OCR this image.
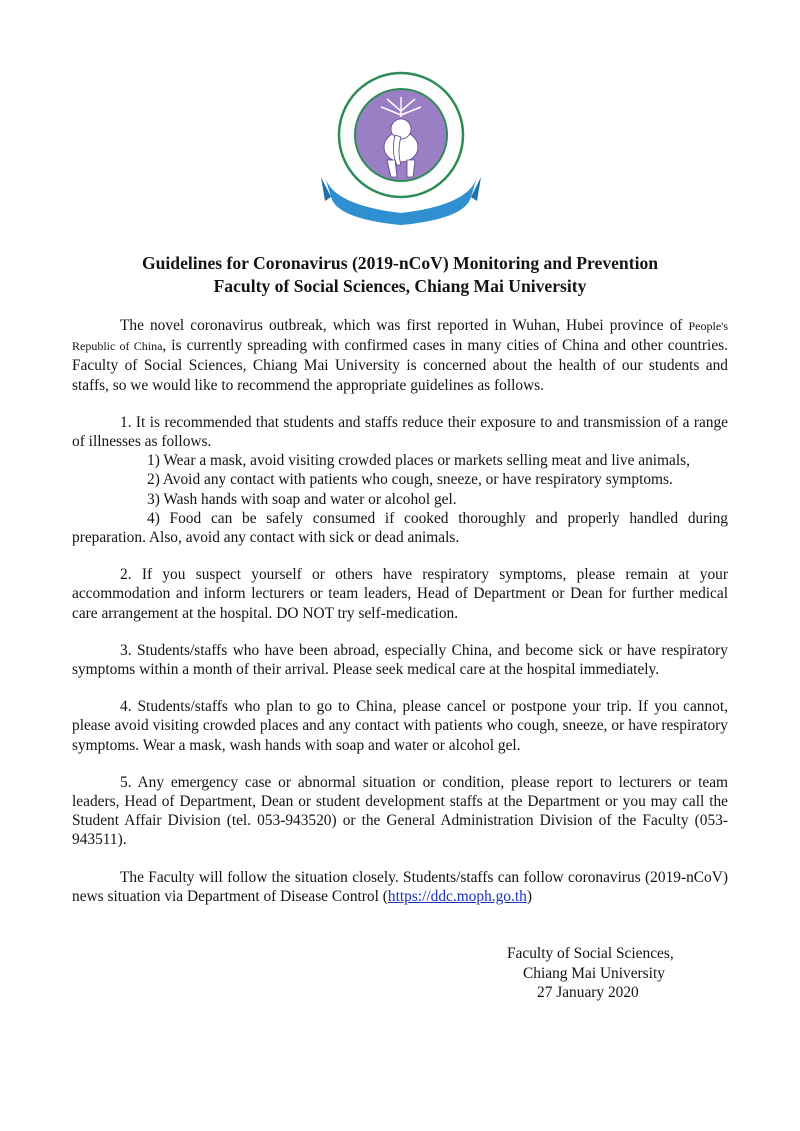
Guidelines for Coronavirus (2019-nCoV) Monitoring and Prevention
Faculty of Social Sciences, Chiang Mai University

The novel coronavirus outbreak, which was first reported in Wuhan, Hubei province of People's Republic of China, is currently spreading with confirmed cases in many cities of China and other countries. Faculty of Social Sciences, Chiang Mai University is concerned about the health of our students and staffs, so we would like to recommend the appropriate guidelines as follows.

1. It is recommended that students and staffs reduce their exposure to and transmission of a range of illnesses as follows.

1) Wear a mask, avoid visiting crowded places or markets selling meat and live animals,

2) Avoid any contact with patients who cough, sneeze, or have respiratory symptoms.

3) Wash hands with soap and water or alcohol gel.

4) Food can be safely consumed if cooked thoroughly and properly handled during preparation. Also, avoid any contact with sick or dead animals.

2. If you suspect yourself or others have respiratory symptoms, please remain at your accommodation and inform lecturers or team leaders, Head of Department or Dean for further medical care arrangement at the hospital. DO NOT try self-medication.

3. Students/staffs who have been abroad, especially China, and become sick or have respiratory symptoms within a month of their arrival. Please seek medical care at the hospital immediately.

4. Students/staffs who plan to go to China, please cancel or postpone your trip. If you cannot, please avoid visiting crowded places and any contact with patients who cough, sneeze, or have respiratory symptoms. Wear a mask, wash hands with soap and water or alcohol gel.

5. Any emergency case or abnormal situation or condition, please report to lecturers or team leaders, Head of Department, Dean or student development staffs at the Department or you may call the Student Affair Division (tel. 053-943520) or the General Administration Division of the Faculty (053-943511).

The Faculty will follow the situation closely. Students/staffs can follow coronavirus (2019-nCoV) news situation via Department of Disease Control (https://ddc.moph.go.th)

Faculty of Social Sciences,
Chiang Mai University
27 January 2020
